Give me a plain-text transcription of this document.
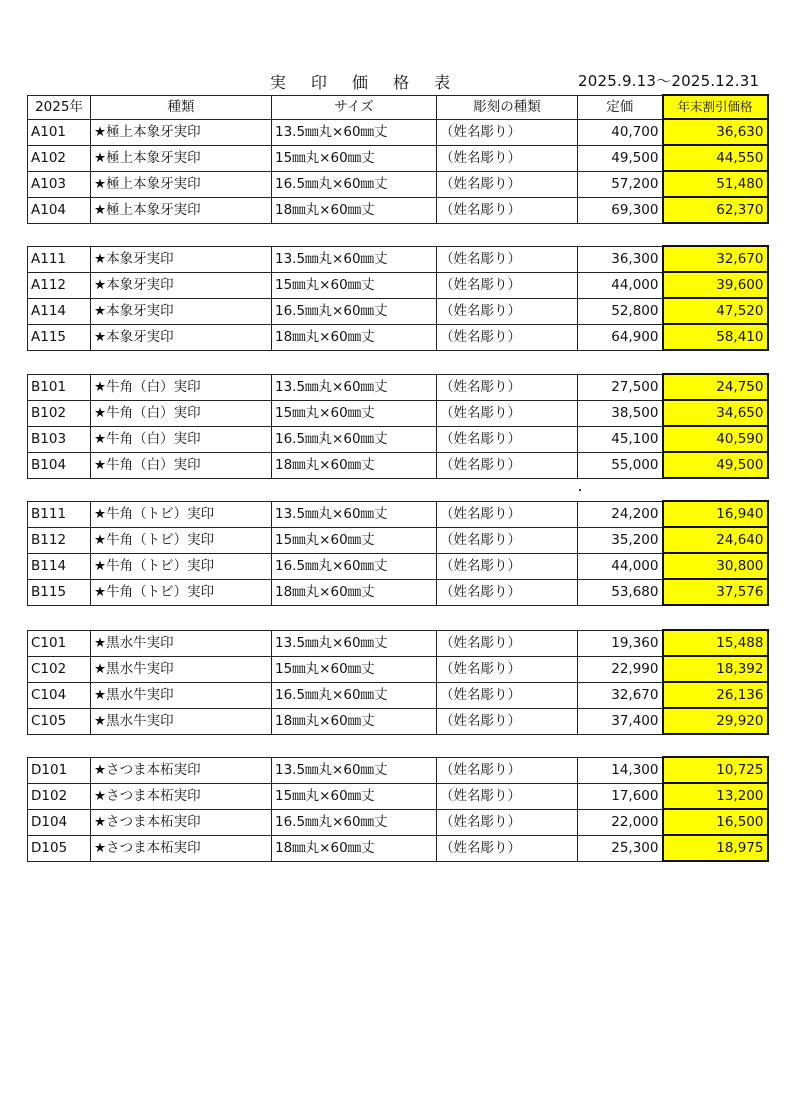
実 印 価 格 表	2025.9.13〜2025.12.31
2025年	種類	サイズ	彫刻の種類	定価	年末割引価格
A101	★極上本象牙実印	13.5㎜丸×60㎜丈	（姓名彫り）	40,700	36,630
A102	★極上本象牙実印	15㎜丸×60㎜丈	（姓名彫り）	49,500	44,550
A103	★極上本象牙実印	16.5㎜丸×60㎜丈	（姓名彫り）	57,200	51,480
A104	★極上本象牙実印	18㎜丸×60㎜丈	（姓名彫り）	69,300	62,370
A111	★本象牙実印	13.5㎜丸×60㎜丈	（姓名彫り）	36,300	32,670
A112	★本象牙実印	15㎜丸×60㎜丈	（姓名彫り）	44,000	39,600
A114	★本象牙実印	16.5㎜丸×60㎜丈	（姓名彫り）	52,800	47,520
A115	★本象牙実印	18㎜丸×60㎜丈	（姓名彫り）	64,900	58,410
B101	★牛角（白）実印	13.5㎜丸×60㎜丈	（姓名彫り）	27,500	24,750
B102	★牛角（白）実印	15㎜丸×60㎜丈	（姓名彫り）	38,500	34,650
B103	★牛角（白）実印	16.5㎜丸×60㎜丈	（姓名彫り）	45,100	40,590
B104	★牛角（白）実印	18㎜丸×60㎜丈	（姓名彫り）	55,000	49,500
B111	★牛角（トビ）実印	13.5㎜丸×60㎜丈	（姓名彫り）	24,200	16,940
B112	★牛角（トビ）実印	15㎜丸×60㎜丈	（姓名彫り）	35,200	24,640
B114	★牛角（トビ）実印	16.5㎜丸×60㎜丈	（姓名彫り）	44,000	30,800
B115	★牛角（トビ）実印	18㎜丸×60㎜丈	（姓名彫り）	53,680	37,576
C101	★黒水牛実印	13.5㎜丸×60㎜丈	（姓名彫り）	19,360	15,488
C102	★黒水牛実印	15㎜丸×60㎜丈	（姓名彫り）	22,990	18,392
C104	★黒水牛実印	16.5㎜丸×60㎜丈	（姓名彫り）	32,670	26,136
C105	★黒水牛実印	18㎜丸×60㎜丈	（姓名彫り）	37,400	29,920
D101	★さつま本柘実印	13.5㎜丸×60㎜丈	（姓名彫り）	14,300	10,725
D102	★さつま本柘実印	15㎜丸×60㎜丈	（姓名彫り）	17,600	13,200
D104	★さつま本柘実印	16.5㎜丸×60㎜丈	（姓名彫り）	22,000	16,500
D105	★さつま本柘実印	18㎜丸×60㎜丈	（姓名彫り）	25,300	18,975
